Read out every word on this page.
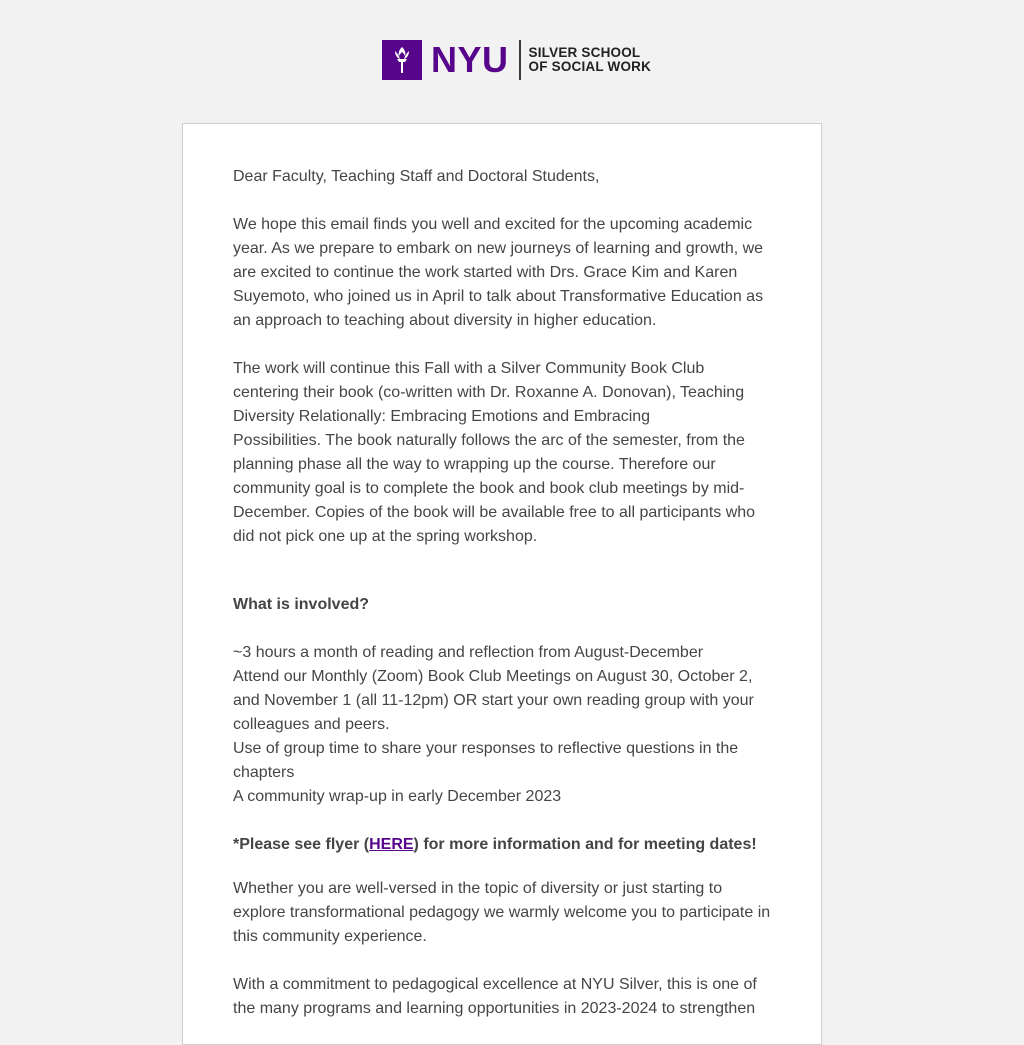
NYU SILVER SCHOOL
OF SOCIAL WORK

Dear Faculty, Teaching Staff and Doctoral Students,

We hope this email finds you well and excited for the upcoming academic year. As we prepare to embark on new journeys of learning and growth, we are excited to continue the work started with Drs. Grace Kim and Karen Suyemoto, who joined us in April to talk about Transformative Education as an approach to teaching about diversity in higher education.

The work will continue this Fall with a Silver Community Book Club centering their book (co-written with Dr. Roxanne A. Donovan), Teaching Diversity Relationally: Embracing Emotions and Embracing

Possibilities. The book naturally follows the arc of the semester, from the planning phase all the way to wrapping up the course. Therefore our community goal is to complete the book and book club meetings by mid-December. Copies of the book will be available free to all participants who did not pick one up at the spring workshop.

What is involved?

~3 hours a month of reading and reflection from August-December

Attend our Monthly (Zoom) Book Club Meetings on August 30, October 2, and November 1 (all 11-12pm) OR start your own reading group with your colleagues and peers.

Use of group time to share your responses to reflective questions in the chapters

A community wrap-up in early December 2023

*Please see flyer (HERE) for more information and for meeting dates!

Whether you are well-versed in the topic of diversity or just starting to explore transformational pedagogy we warmly welcome you to participate in this community experience.

With a commitment to pedagogical excellence at NYU Silver, this is one of the many programs and learning opportunities in 2023-2024 to strengthen
